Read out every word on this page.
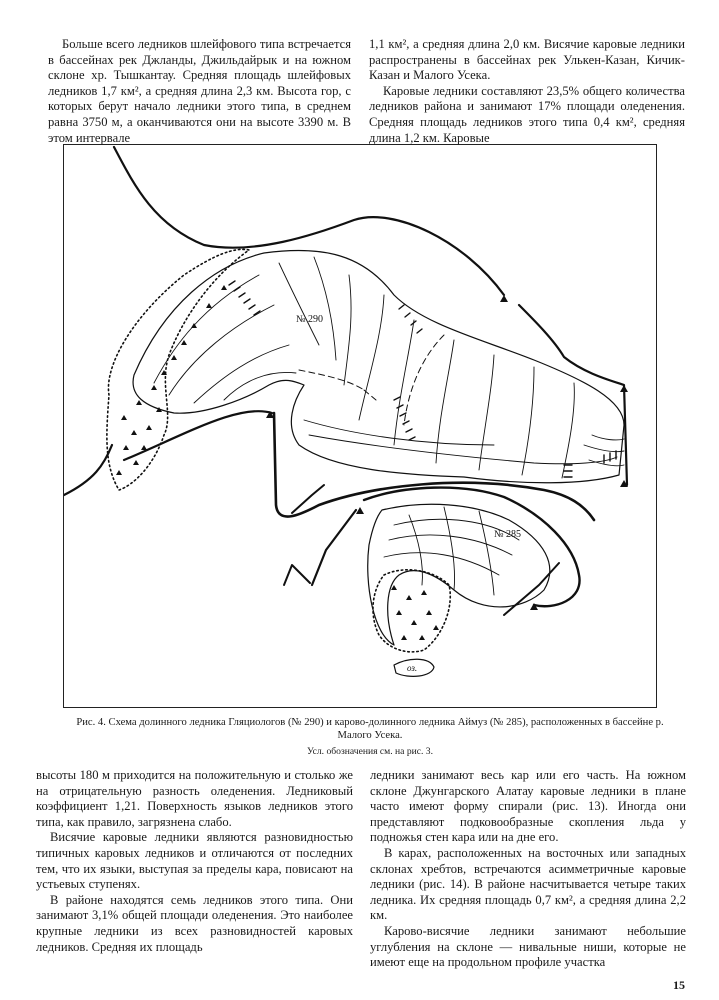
Больше всего ледников шлейфового типа встречается в бассейнах рек Джланды, Джильдайрык и на южном склоне хр. Тышкантау. Средняя площадь шлейфовых ледников 1,7 км², а средняя длина 2,3 км. Высота гор, с которых берут начало ледники этого типа, в среднем равна 3750 м, а оканчиваются они на высоте 3390 м. В этом интервале

1,1 км², а средняя длина 2,0 км. Висячие каровые ледники распространены в бассейнах рек Улькен-Казан, Кичик-Казан и Малого Усека.

Каровые ледники составляют 23,5% общего количества ледников района и занимают 17% площади оледенения. Средняя площадь ледников этого типа 0,4 км², средняя длина 1,2 км. Каровые

№ 290
№ 285
оз.
Рис. 4. Схема долинного ледника Гляциологов (№ 290) и карово-долинного ледника Аймуз (№ 285), расположенных в бассейне р. Малого Усека.
Усл. обозначения см. на рис. 3.

высоты 180 м приходится на положительную и столько же на отрицательную разность оледенения. Ледниковый коэффициент 1,21. Поверхность языков ледников этого типа, как правило, загрязнена слабо.

Висячие каровые ледники являются разновидностью типичных каровых ледников и отличаются от последних тем, что их языки, выступая за пределы кара, повисают на устьевых ступенях.

В районе находятся семь ледников этого типа. Они занимают 3,1% общей площади оледенения. Это наиболее крупные ледники из всех разновидностей каровых ледников. Средняя их площадь

ледники занимают весь кар или его часть. На южном склоне Джунгарского Алатау каровые ледники в плане часто имеют форму спирали (рис. 13). Иногда они представляют подковообразные скопления льда у подножья стен кара или на дне его.

В карах, расположенных на восточных или западных склонах хребтов, встречаются асимметричные каровые ледники (рис. 14). В районе насчитывается четыре таких ледника. Их средняя площадь 0,7 км², а средняя длина 2,2 км.

Карово-висячие ледники занимают небольшие углубления на склоне — нивальные ниши, которые не имеют еще на продольном профиле участка

15
